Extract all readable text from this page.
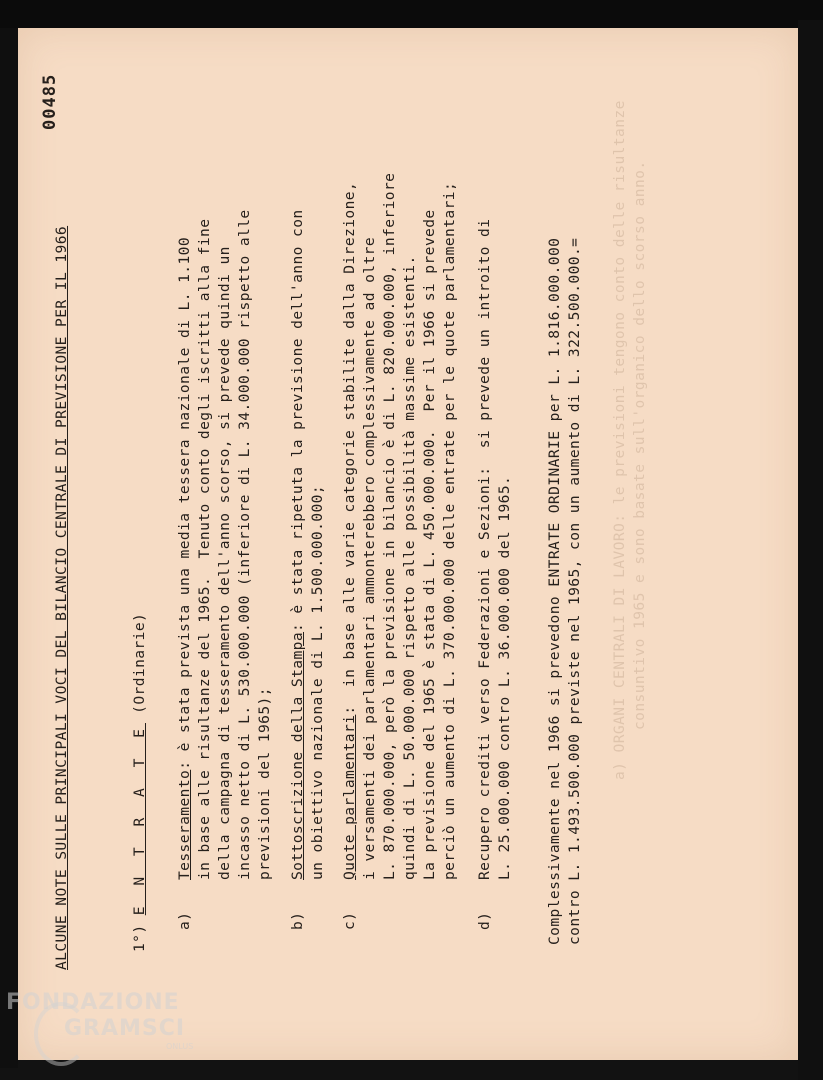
a) ORGANI CENTRALI DI LAVORO: le previsioni tengono conto delle risultanze consuntivo 1965 e sono basate sull'organico dello scorso anno.

00485

ALCUNE NOTE SULLE PRINCIPALI VOCI DEL BILANCIO CENTRALE DI PREVISIONE PER IL 1966	1°) E N T R A T E (Ordinarie)

a)

Tesseramento: è stata prevista una media tessera nazionale di L. 1.100 in base alle risultanze del 1965.  Tenuto conto degli iscritti alla fine della campagna di tesseramento dell'anno scorso, si prevede quindi un incasso netto di L. 530.000.000 (inferiore di L. 34.000.000 rispetto alle previsioni del 1965);

b)

Sottoscrizione della Stampa: è stata ripetuta la previsione dell'anno con

un obiettivo nazionale di L. 1.500.000.000;

c)

Quote parlamentari:  in base alle varie categorie stabilite dalla Direzione, i versamenti dei parlamentari ammonterebbero complessivamente ad oltre L. 870.000.000, però la previsione in bilancio è di L. 820.000.000, inferiore quindi di L. 50.000.000 rispetto alle possibilità massime esistenti. La previsione del 1965 è stata di L. 450.000.000.  Per il 1966 si prevede perciò un aumento di L. 370.000.000 delle entrate per le quote parlamentari;

d)

Recupero crediti verso Federazioni e Sezioni:  si prevede un introito di L. 25.000.000 contro L. 36.000.000 del 1965. Complessivamente nel 1966 si prevedono ENTRATE ORDINARIE per L. 1.816.000.000 contro L. 1.493.500.000 previste nel 1965, con un aumento di L. 322.500.000.=

FONDAZIONE
GRAMSCI
ONLUS
